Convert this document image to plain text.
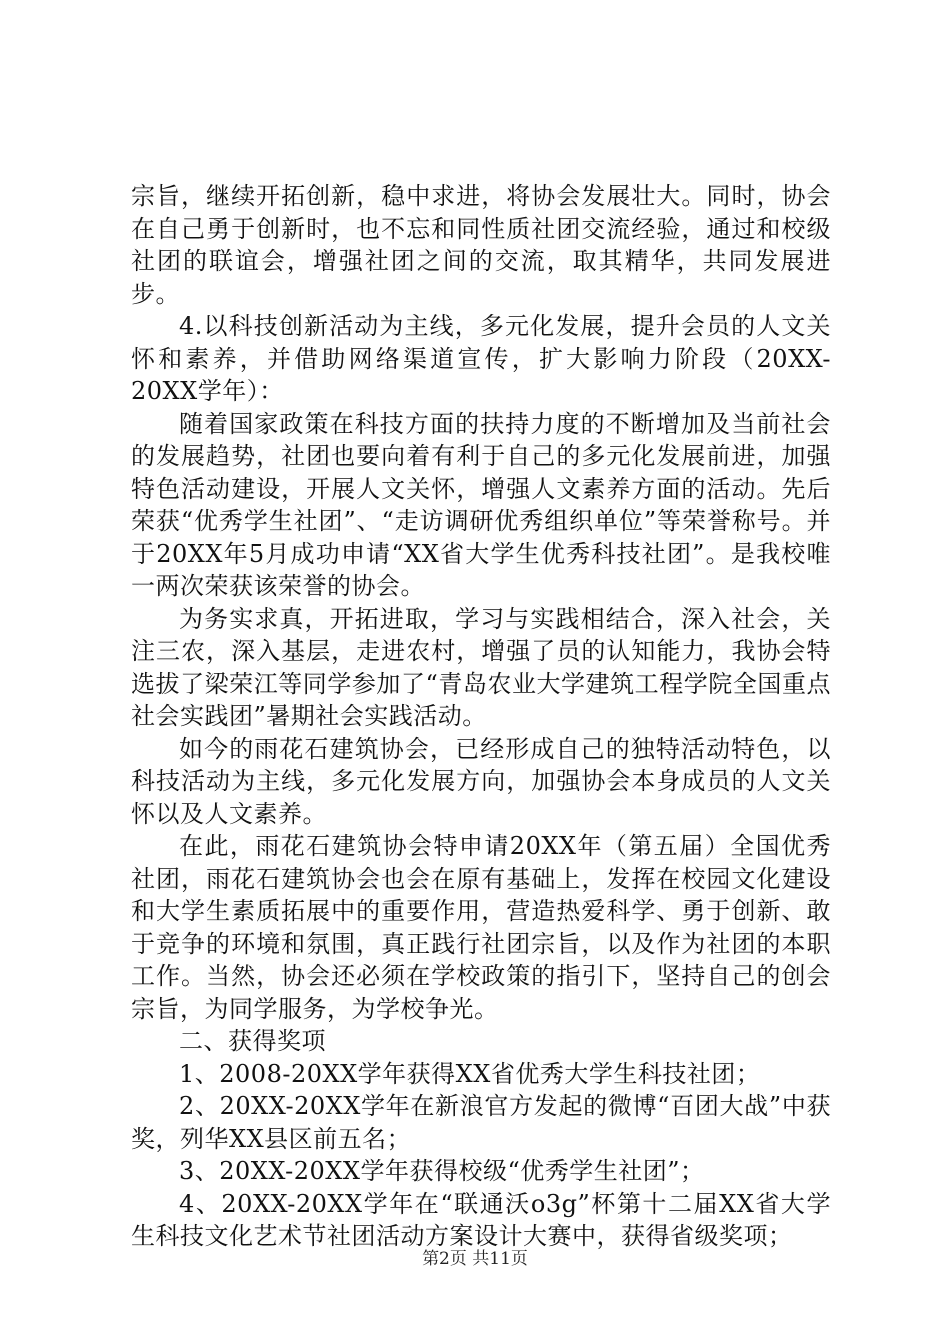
宗旨，继续开拓创新，稳中求进，将协会发展壮大。同时，协会在自己勇于创新时，也不忘和同性质社团交流经验，通过和校级社团的联谊会，增强社团之间的交流，取其精华，共同发展进步。

4.以科技创新活动为主线，多元化发展，提升会员的人文关怀和素养，并借助网络渠道宣传，扩大影响力阶段（20XX-20XX学年）：

随着国家政策在科技方面的扶持力度的不断增加及当前社会的发展趋势，社团也要向着有利于自己的多元化发展前进，加强特色活动建设，开展人文关怀，增强人文素养方面的活动。先后荣获“优秀学生社团”、“走访调研优秀组织单位”等荣誉称号。并于20XX年5月成功申请“XX省大学生优秀科技社团”。是我校唯一两次荣获该荣誉的协会。

为务实求真，开拓进取，学习与实践相结合，深入社会，关注三农，深入基层，走进农村，增强了员的认知能力，我协会特选拔了梁荣江等同学参加了“青岛农业大学建筑工程学院全国重点社会实践团”暑期社会实践活动。

如今的雨花石建筑协会，已经形成自己的独特活动特色，以科技活动为主线，多元化发展方向，加强协会本身成员的人文关怀以及人文素养。

在此，雨花石建筑协会特申请20XX年（第五届）全国优秀社团，雨花石建筑协会也会在原有基础上，发挥在校园文化建设和大学生素质拓展中的重要作用，营造热爱科学、勇于创新、敢于竞争的环境和氛围，真正践行社团宗旨，以及作为社团的本职工作。当然，协会还必须在学校政策的指引下，坚持自己的创会宗旨，为同学服务，为学校争光。

二、获得奖项

1、2008-20XX学年获得XX省优秀大学生科技社团；

2、20XX-20XX学年在新浪官方发起的微博“百团大战”中获奖，列华XX县区前五名；

3、20XX-20XX学年获得校级“优秀学生社团”；

4、20XX-20XX学年在“联通沃o3g”杯第十二届XX省大学生科技文化艺术节社团活动方案设计大赛中，获得省级奖项；

第2页 共11页
